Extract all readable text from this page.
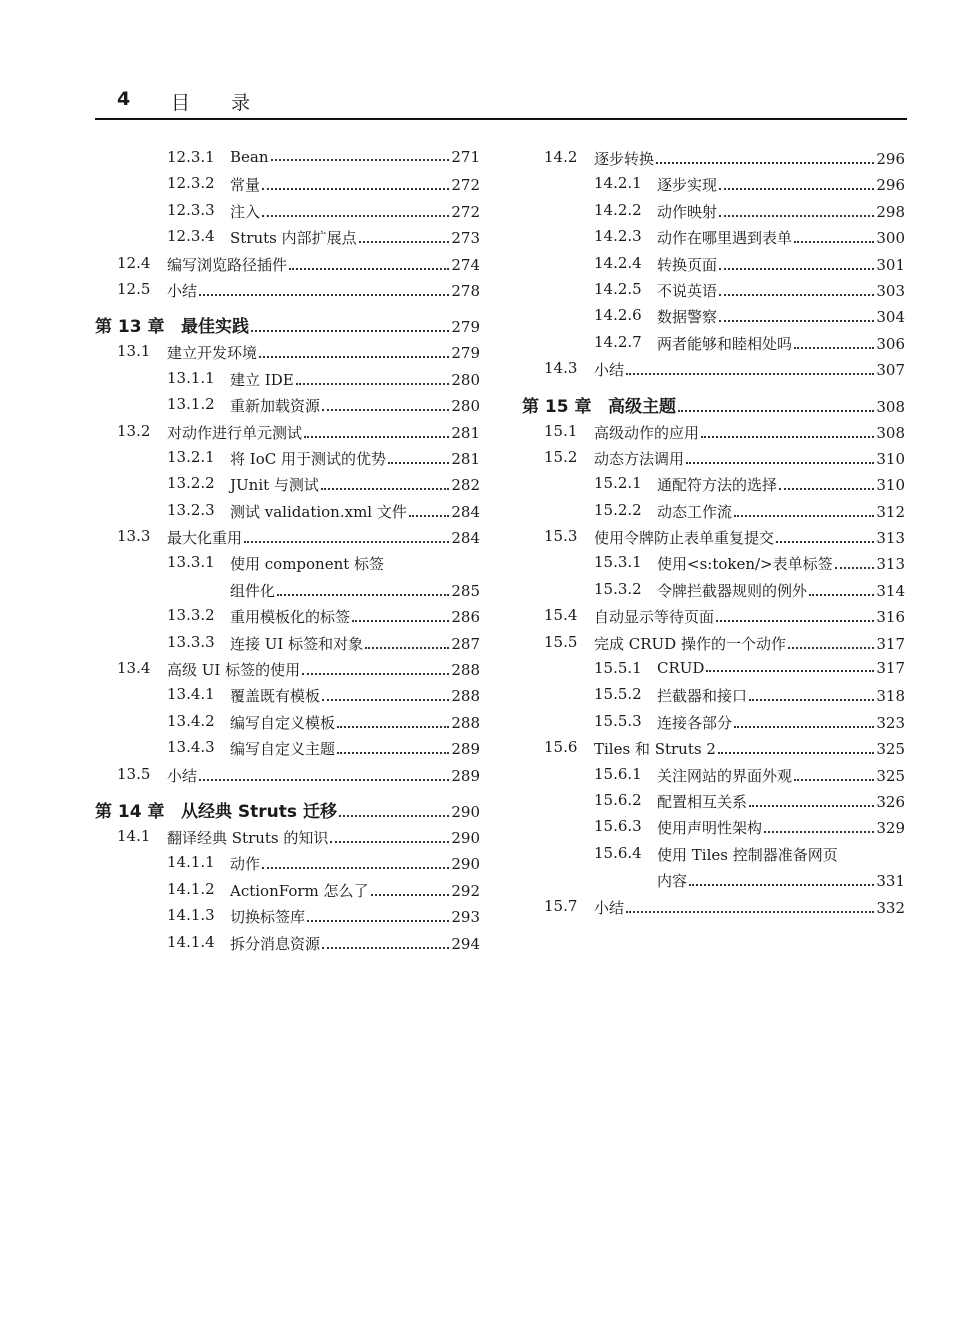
4 目 录
12.3.1 Bean	271
12.3.2 常量	272
12.3.3 注入	272
12.3.4 Struts 内部扩展点	273
12.4 编写浏览路径插件	274
12.5 小结	278
第 13 章 最佳实践	279
13.1 建立开发环境	279
13.1.1 建立 IDE	280
13.1.2 重新加载资源	280
13.2 对动作进行单元测试	281
13.2.1 将 IoC 用于测试的优势	281
13.2.2 JUnit 与测试	282
13.2.3 测试 validation.xml 文件	284
13.3 最大化重用	284
13.3.1 使用 component 标签
组件化	285
13.3.2 重用模板化的标签	286
13.3.3 连接 UI 标签和对象	287
13.4 高级 UI 标签的使用	288
13.4.1 覆盖既有模板	288
13.4.2 编写自定义模板	288
13.4.3 编写自定义主题	289
13.5 小结	289
第 14 章 从经典 Struts 迁移	290
14.1 翻译经典 Struts 的知识	290
14.1.1 动作	290
14.1.2 ActionForm 怎么了	292
14.1.3 切换标签库	293
14.1.4 拆分消息资源	294
14.2 逐步转换	296
14.2.1 逐步实现	296
14.2.2 动作映射	298
14.2.3 动作在哪里遇到表单	300
14.2.4 转换页面	301
14.2.5 不说英语	303
14.2.6 数据警察	304
14.2.7 两者能够和睦相处吗	306
14.3 小结	307
第 15 章 高级主题	308
15.1 高级动作的应用	308
15.2 动态方法调用	310
15.2.1 通配符方法的选择	310
15.2.2 动态工作流	312
15.3 使用令牌防止表单重复提交	313
15.3.1 使用<s:token/>表单标签	313
15.3.2 令牌拦截器规则的例外	314
15.4 自动显示等待页面	316
15.5 完成 CRUD 操作的一个动作	317
15.5.1 CRUD	317
15.5.2 拦截器和接口	318
15.5.3 连接各部分	323
15.6 Tiles 和 Struts 2	325
15.6.1 关注网站的界面外观	325
15.6.2 配置相互关系	326
15.6.3 使用声明性架构	329
15.6.4 使用 Tiles 控制器准备网页
内容	331
15.7 小结	332
